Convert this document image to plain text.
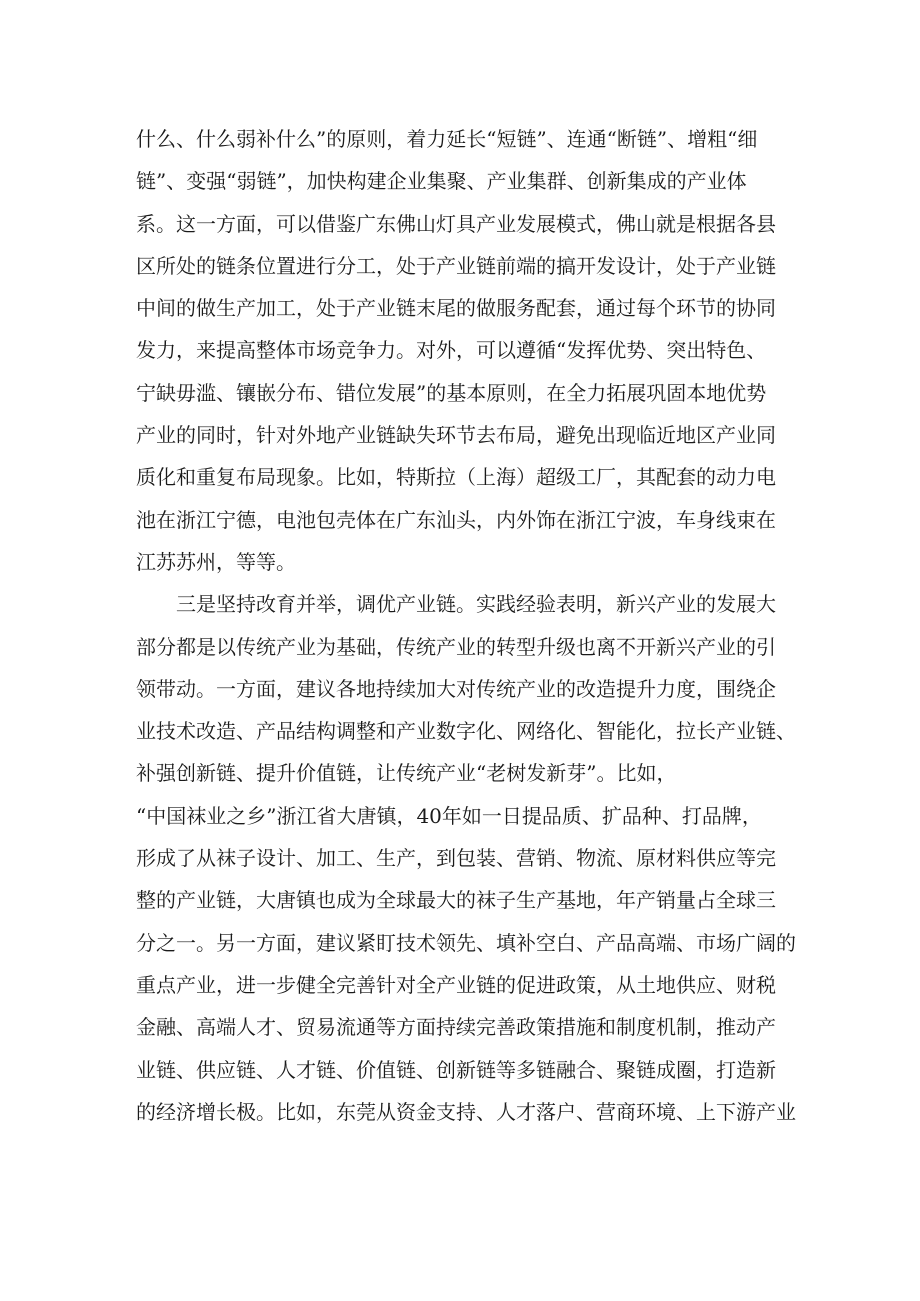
什么、什么弱补什么”的原则，着力延长“短链”、连通“断链”、增粗“细
链”、变强“弱链”，加快构建企业集聚、产业集群、创新集成的产业体
系。这一方面，可以借鉴广东佛山灯具产业发展模式，佛山就是根据各县
区所处的链条位置进行分工，处于产业链前端的搞开发设计，处于产业链
中间的做生产加工，处于产业链末尾的做服务配套，通过每个环节的协同
发力，来提高整体市场竞争力。对外，可以遵循“发挥优势、突出特色、
宁缺毋滥、镶嵌分布、错位发展”的基本原则，在全力拓展巩固本地优势
产业的同时，针对外地产业链缺失环节去布局，避免出现临近地区产业同
质化和重复布局现象。比如，特斯拉（上海）超级工厂，其配套的动力电
池在浙江宁德，电池包壳体在广东汕头，内外饰在浙江宁波，车身线束在
江苏苏州，等等。
三是坚持改育并举，调优产业链。实践经验表明，新兴产业的发展大
部分都是以传统产业为基础，传统产业的转型升级也离不开新兴产业的引
领带动。一方面，建议各地持续加大对传统产业的改造提升力度，围绕企
业技术改造、产品结构调整和产业数字化、网络化、智能化，拉长产业链、
补强创新链、提升价值链，让传统产业“老树发新芽”。比如，
“中国袜业之乡”浙江省大唐镇，40年如一日提品质、扩品种、打品牌，
形成了从袜子设计、加工、生产，到包装、营销、物流、原材料供应等完
整的产业链，大唐镇也成为全球最大的袜子生产基地，年产销量占全球三
分之一。另一方面，建议紧盯技术领先、填补空白、产品高端、市场广阔的
重点产业，进一步健全完善针对全产业链的促进政策，从土地供应、财税
金融、高端人才、贸易流通等方面持续完善政策措施和制度机制，推动产
业链、供应链、人才链、价值链、创新链等多链融合、聚链成圈，打造新
的经济增长极。比如，东莞从资金支持、人才落户、营商环境、上下游产业
